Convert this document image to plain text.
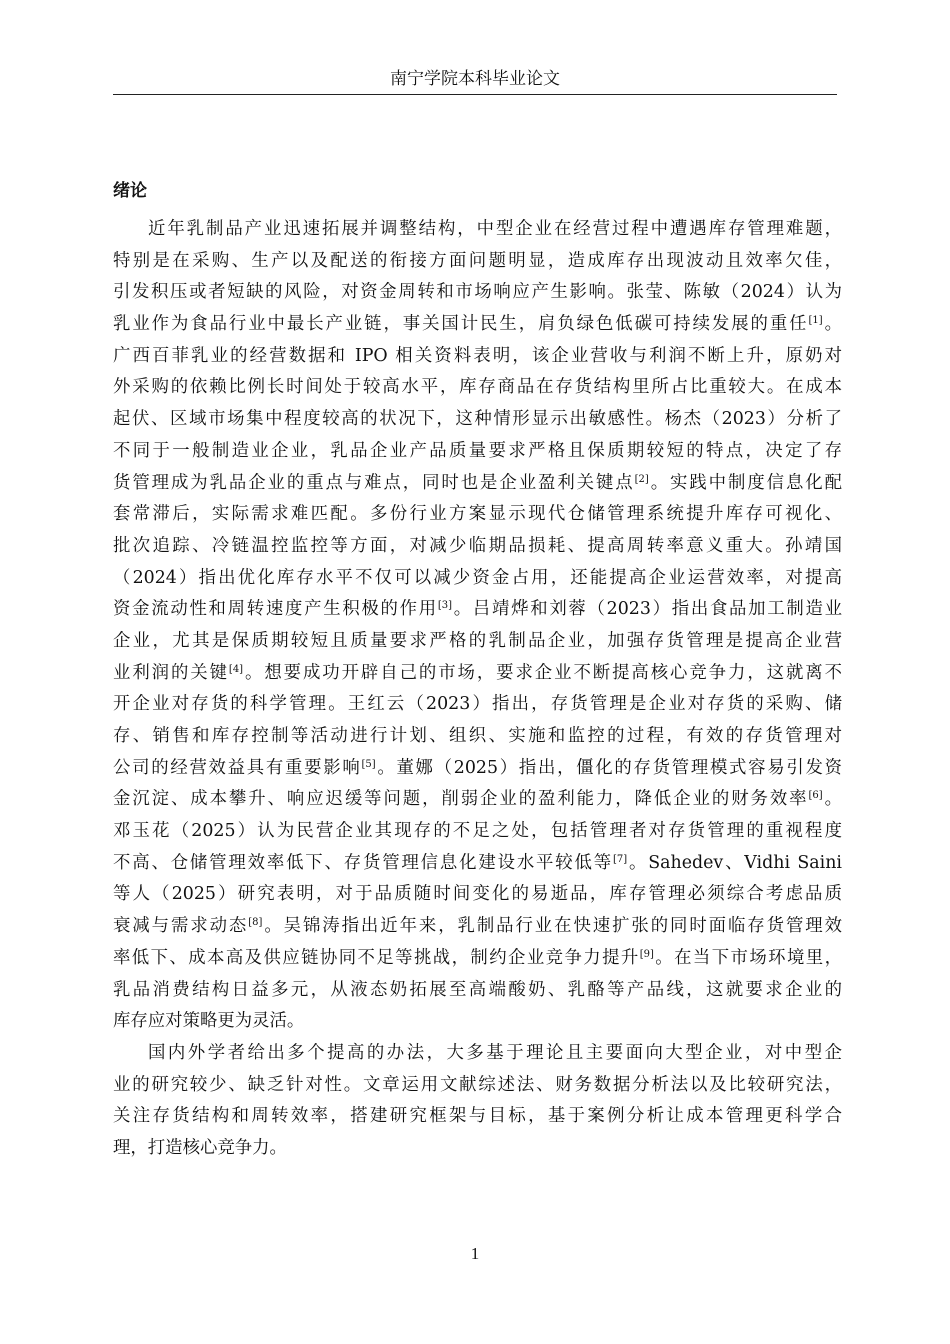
南宁学院本科毕业论文
绪论
近年乳制品产业迅速拓展并调整结构，中型企业在经营过程中遭遇库存管理难题，
特别是在采购、生产以及配送的衔接方面问题明显，造成库存出现波动且效率欠佳，
引发积压或者短缺的风险，对资金周转和市场响应产生影响。张莹、陈敏（2024）认为
乳业作为食品行业中最长产业链，事关国计民生，肩负绿色低碳可持续发展的重任[1]。
广西百菲乳业的经营数据和 IPO 相关资料表明，该企业营收与利润不断上升，原奶对
外采购的依赖比例长时间处于较高水平，库存商品在存货结构里所占比重较大。在成本
起伏、区域市场集中程度较高的状况下，这种情形显示出敏感性。杨杰（2023）分析了
不同于一般制造业企业，乳品企业产品质量要求严格且保质期较短的特点，决定了存
货管理成为乳品企业的重点与难点，同时也是企业盈利关键点[2]。实践中制度信息化配
套常滞后，实际需求难匹配。多份行业方案显示现代仓储管理系统提升库存可视化、
批次追踪、冷链温控监控等方面，对减少临期品损耗、提高周转率意义重大。孙靖国
（2024）指出优化库存水平不仅可以减少资金占用，还能提高企业运营效率，对提高
资金流动性和周转速度产生积极的作用[3]。吕靖烨和刘蓉（2023）指出食品加工制造业
企业，尤其是保质期较短且质量要求严格的乳制品企业，加强存货管理是提高企业营
业利润的关键[4]。想要成功开辟自己的市场，要求企业不断提高核心竞争力，这就离不
开企业对存货的科学管理。王红云（2023）指出，存货管理是企业对存货的采购、储
存、销售和库存控制等活动进行计划、组织、实施和监控的过程，有效的存货管理对
公司的经营效益具有重要影响[5]。董娜（2025）指出，僵化的存货管理模式容易引发资
金沉淀、成本攀升、响应迟缓等问题，削弱企业的盈利能力，降低企业的财务效率[6]。
邓玉花（2025）认为民营企业其现存的不足之处，包括管理者对存货管理的重视程度
不高、仓储管理效率低下、存货管理信息化建设水平较低等[7]。Sahedev、Vidhi Saini
等人（2025）研究表明，对于品质随时间变化的易逝品，库存管理必须综合考虑品质
衰减与需求动态[8]。吴锦涛指出近年来，乳制品行业在快速扩张的同时面临存货管理效
率低下、成本高及供应链协同不足等挑战，制约企业竞争力提升[9]。在当下市场环境里，
乳品消费结构日益多元，从液态奶拓展至高端酸奶、乳酪等产品线，这就要求企业的
库存应对策略更为灵活。
国内外学者给出多个提高的办法，大多基于理论且主要面向大型企业，对中型企
业的研究较少、缺乏针对性。文章运用文献综述法、财务数据分析法以及比较研究法，
关注存货结构和周转效率，搭建研究框架与目标，基于案例分析让成本管理更科学合
理，打造核心竞争力。
1
